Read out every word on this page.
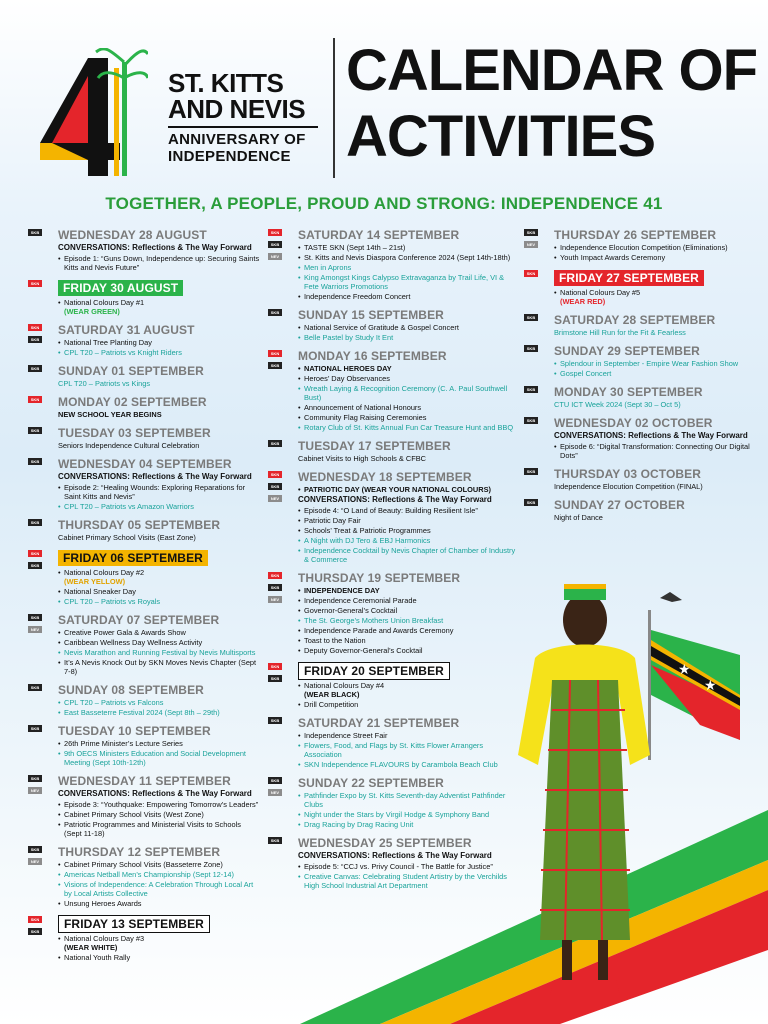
ST. KITTS
AND NEVIS
ANNIVERSARY OF
INDEPENDENCE
CALENDAR OF
ACTIVITIES
TOGETHER, A PEOPLE, PROUD AND STRONG: INDEPENDENCE 41
★
★
SKB WEDNESDAY 28 AUGUST
CONVERSATIONS: Reflections & The Way Forward
• Episode 1: “Guns Down, Independence up: Securing Saints Kitts and Nevis Future”
SKN FRIDAY 30 AUGUST
• National Colours Day #1
(WEAR GREEN)
SKN
SKB
SATURDAY 31 AUGUST
• National Tree Planting Day
• CPL T20 – Patriots vs Knight Riders
SKB SUNDAY 01 SEPTEMBER
CPL T20 – Patriots vs Kings
SKN MONDAY 02 SEPTEMBER
NEW SCHOOL YEAR BEGINS
SKB TUESDAY 03 SEPTEMBER
Seniors Independence Cultural Celebration
SKB WEDNESDAY 04 SEPTEMBER
CONVERSATIONS: Reflections & The Way Forward
• Episode 2: “Healing Wounds: Exploring Reparations for Saint Kitts and Nevis”
• CPL T20 – Patriots vs Amazon Warriors
SKB THURSDAY 05 SEPTEMBER
Cabinet Primary School Visits (East Zone)
SKN
SKB
FRIDAY 06 SEPTEMBER
• National Colours Day #2
(WEAR YELLOW)
• National Sneaker Day
• CPL T20 – Patriots vs Royals
SKB
NEV
SATURDAY 07 SEPTEMBER
• Creative Power Gala & Awards Show
• Caribbean Wellness Day Wellness Activity
• Nevis Marathon and Running Festival by Nevis Multisports
• It’s A Nevis Knock Out by SKN Moves Nevis Chapter (Sept 7-8)
SKB SUNDAY 08 SEPTEMBER
• CPL T20 – Patriots vs Falcons
• East Basseterre Festival 2024 (Sept 8th – 29th)
SKB TUESDAY 10 SEPTEMBER
• 26th Prime Minister’s Lecture Series
• 9th OECS Ministers Education and Social Development Meeting (Sept 10th-12th)
SKB
NEV
WEDNESDAY 11 SEPTEMBER
CONVERSATIONS: Reflections & The Way Forward
• Episode 3: “Youthquake: Empowering Tomorrow’s Leaders”
• Cabinet Primary School Visits (West Zone)
• Patriotic Programmes and Ministerial Visits to Schools (Sept 11-18)
SKB
NEV
THURSDAY 12 SEPTEMBER
• Cabinet Primary School Visits (Basseterre Zone)
• Americas Netball Men’s Championship (Sept 12-14)
• Visions of Independence: A Celebration Through Local Art by Local Artists Collective
• Unsung Heroes Awards
SKN
SKB
FRIDAY 13 SEPTEMBER
• National Colours Day #3
(WEAR WHITE)
• National Youth Rally
SKN
SKB
NEV
SATURDAY 14 SEPTEMBER
• TASTE SKN (Sept 14th – 21st)
• St. Kitts and Nevis Diaspora Conference 2024 (Sept 14th-18th)
• Men in Aprons
• King Amongst Kings Calypso Extravaganza by Trail Life, VI & Fete Warriors Promotions
• Independence Freedom Concert
SKB SUNDAY 15 SEPTEMBER
• National Service of Gratitude & Gospel Concert
• Belle Pastel by Study It Ent
SKN
SKB
MONDAY 16 SEPTEMBER
• NATIONAL HEROES DAY
• Heroes’ Day Observances
• Wreath Laying & Recognition Ceremony (C. A. Paul Southwell Bust)
• Announcement of National Honours
• Community Flag Raising Ceremonies
• Rotary Club of St. Kitts Annual Fun Car Treasure Hunt and BBQ
SKB TUESDAY 17 SEPTEMBER
Cabinet Visits to High Schools & CFBC
SKN
SKB
NEV
WEDNESDAY 18 SEPTEMBER
• PATRIOTIC DAY (WEAR YOUR NATIONAL COLOURS)
CONVERSATIONS: Reflections & The Way Forward
• Episode 4: “O Land of Beauty: Building Resilient Isle”
• Patriotic Day Fair
• Schools’ Treat & Patriotic Programmes
• A Night with DJ Tero & EBJ Harmonics
• Independence Cocktail by Nevis Chapter of Chamber of Industry & Commerce
SKN
SKB
NEV
THURSDAY 19 SEPTEMBER
• INDEPENDENCE DAY
• Independence Ceremonial Parade
• Governor-General’s Cocktail
• The St. George’s Mothers Union Breakfast
• Independence Parade and Awards Ceremony
• Toast to the Nation
• Deputy Governor-General’s Cocktail
SKN
SKB
FRIDAY 20 SEPTEMBER
• National Colours Day #4
(WEAR BLACK)
• Drill Competition
SKB SATURDAY 21 SEPTEMBER
• Independence Street Fair
• Flowers, Food, and Flags by St. Kitts Flower Arrangers Association
• SKN Independence FLAVOURS by Carambola Beach Club
SKB
NEV
SUNDAY 22 SEPTEMBER
• Pathfinder Expo by St. Kitts Seventh-day Adventist Pathfinder Clubs
• Night under the Stars by Virgil Hodge & Symphony Band
• Drag Racing by Drag Racing Unit
SKB WEDNESDAY 25 SEPTEMBER
CONVERSATIONS: Reflections & The Way Forward
• Episode 5: “CCJ vs. Privy Council - The Battle for Justice”
• Creative Canvas: Celebrating Student Artistry by the Verchilds High School Industrial Art Department
SKB
NEV
THURSDAY 26 SEPTEMBER
• Independence Elocution Competition (Eliminations)
• Youth Impact Awards Ceremony
SKN FRIDAY 27 SEPTEMBER
• National Colours Day #5
(WEAR RED)
SKB SATURDAY 28 SEPTEMBER
Brimstone Hill Run for the Fit & Fearless
SKB SUNDAY 29 SEPTEMBER
• Splendour in September - Empire Wear Fashion Show
• Gospel Concert
SKB MONDAY 30 SEPTEMBER
CTU ICT Week 2024 (Sept 30 – Oct 5)
SKB WEDNESDAY 02 OCTOBER
CONVERSATIONS: Reflections & The Way Forward
• Episode 6: “Digital Transformation: Connecting Our Digital Dots”
SKB THURSDAY 03 OCTOBER
Independence Elocution Competition (FINAL)
SKB SUNDAY 27 OCTOBER
Night of Dance
